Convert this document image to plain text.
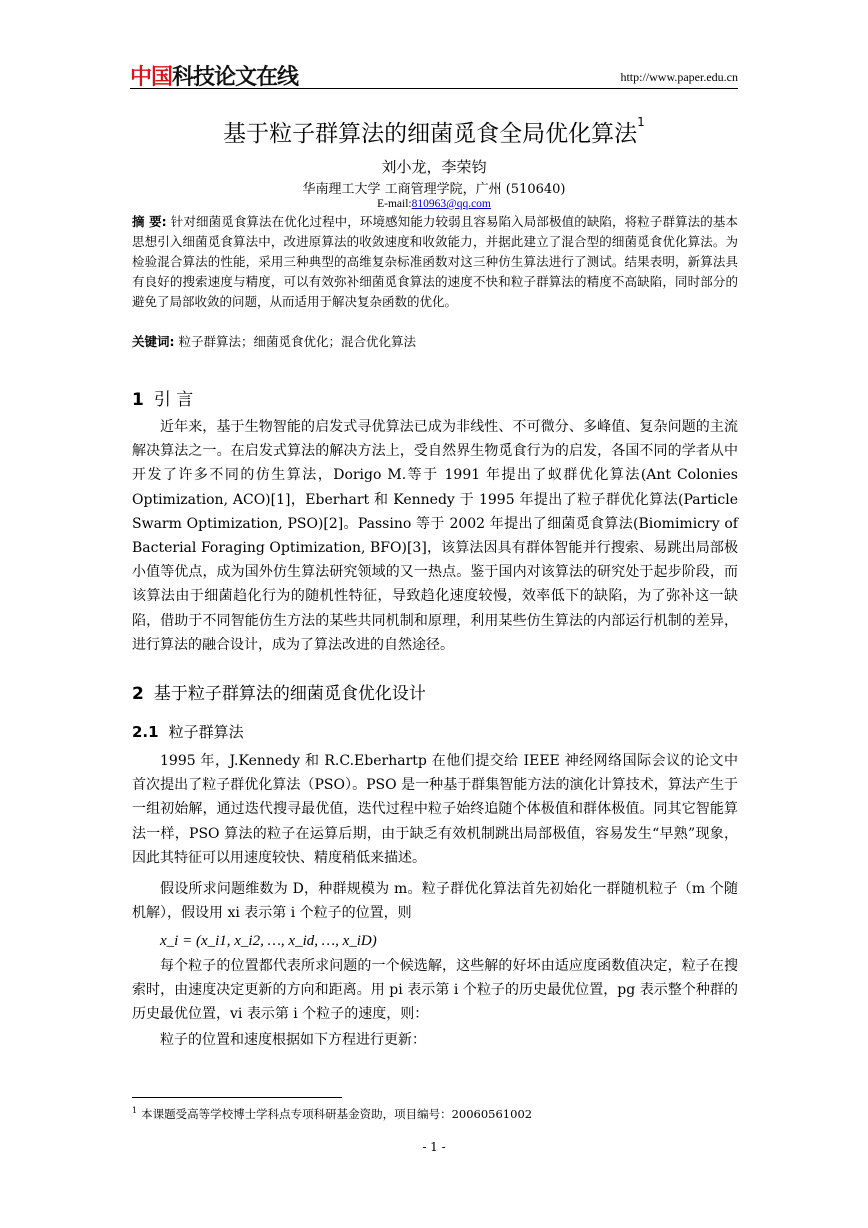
中国科技论文在线	http://www.paper.edu.cn
基于粒子群算法的细菌觅食全局优化算法$^1$
刘小龙，李荣钧
华南理工大学 工商管理学院，广州 (510640)
E-mail:810963@qq.com
摘 要: 针对细菌觅食算法在优化过程中，环境感知能力较弱且容易陷入局部极值的缺陷，将粒子群算法的基本思想引入细菌觅食算法中，改进原算法的收敛速度和收敛能力，并据此建立了混合型的细菌觅食优化算法。为检验混合算法的性能，采用三种典型的高维复杂标准函数对这三种仿生算法进行了测试。结果表明，新算法具有良好的搜索速度与精度，可以有效弥补细菌觅食算法的速度不快和粒子群算法的精度不高缺陷，同时部分的避免了局部收敛的问题，从而适用于解决复杂函数的优化。
关键词: 粒子群算法；细菌觅食优化；混合优化算法
1 引 言
近年来，基于生物智能的启发式寻优算法已成为非线性、不可微分、多峰值、复杂问题的主流解决算法之一。在启发式算法的解决方法上，受自然界生物觅食行为的启发，各国不同的学者从中开发了许多不同的仿生算法，Dorigo M.等于 1991 年提出了蚁群优化算法(Ant Colonies Optimization, ACO)[1]，Eberhart 和 Kennedy 于 1995 年提出了粒子群优化算法(Particle Swarm Optimization, PSO)[2]。Passino 等于 2002 年提出了细菌觅食算法(Biomimicry of Bacterial Foraging Optimization, BFO)[3]，该算法因具有群体智能并行搜索、易跳出局部极小值等优点，成为国外仿生算法研究领域的又一热点。鉴于国内对该算法的研究处于起步阶段，而该算法由于细菌趋化行为的随机性特征，导致趋化速度较慢，效率低下的缺陷，为了弥补这一缺陷，借助于不同智能仿生方法的某些共同机制和原理，利用某些仿生算法的内部运行机制的差异，进行算法的融合设计，成为了算法改进的自然途径。
2 基于粒子群算法的细菌觅食优化设计
2.1 粒子群算法
1995 年，J.Kennedy 和 R.C.Eberhartp 在他们提交给 IEEE 神经网络国际会议的论文中首次提出了粒子群优化算法（PSO）。PSO 是一种基于群集智能方法的演化计算技术，算法产生于一组初始解，通过迭代搜寻最优值，迭代过程中粒子始终追随个体极值和群体极值。同其它智能算法一样，PSO 算法的粒子在运算后期，由于缺乏有效机制跳出局部极值，容易发生“早熟”现象，因此其特征可以用速度较快、精度稍低来描述。
假设所求问题维数为 D，种群规模为 m。粒子群优化算法首先初始化一群随机粒子（m 个随机解），假设用 xi 表示第 i 个粒子的位置，则
x_i = (x_i1, x_i2, …, x_id, …, x_iD)
每个粒子的位置都代表所求问题的一个候选解，这些解的好坏由适应度函数值决定，粒子在搜索时，由速度决定更新的方向和距离。用 pi 表示第 i 个粒子的历史最优位置，pg 表示整个种群的历史最优位置，vi 表示第 i 个粒子的速度，则：
粒子的位置和速度根据如下方程进行更新：
$^1$ 本课题受高等学校博士学科点专项科研基金资助，项目编号：20060561002
- 1 -
